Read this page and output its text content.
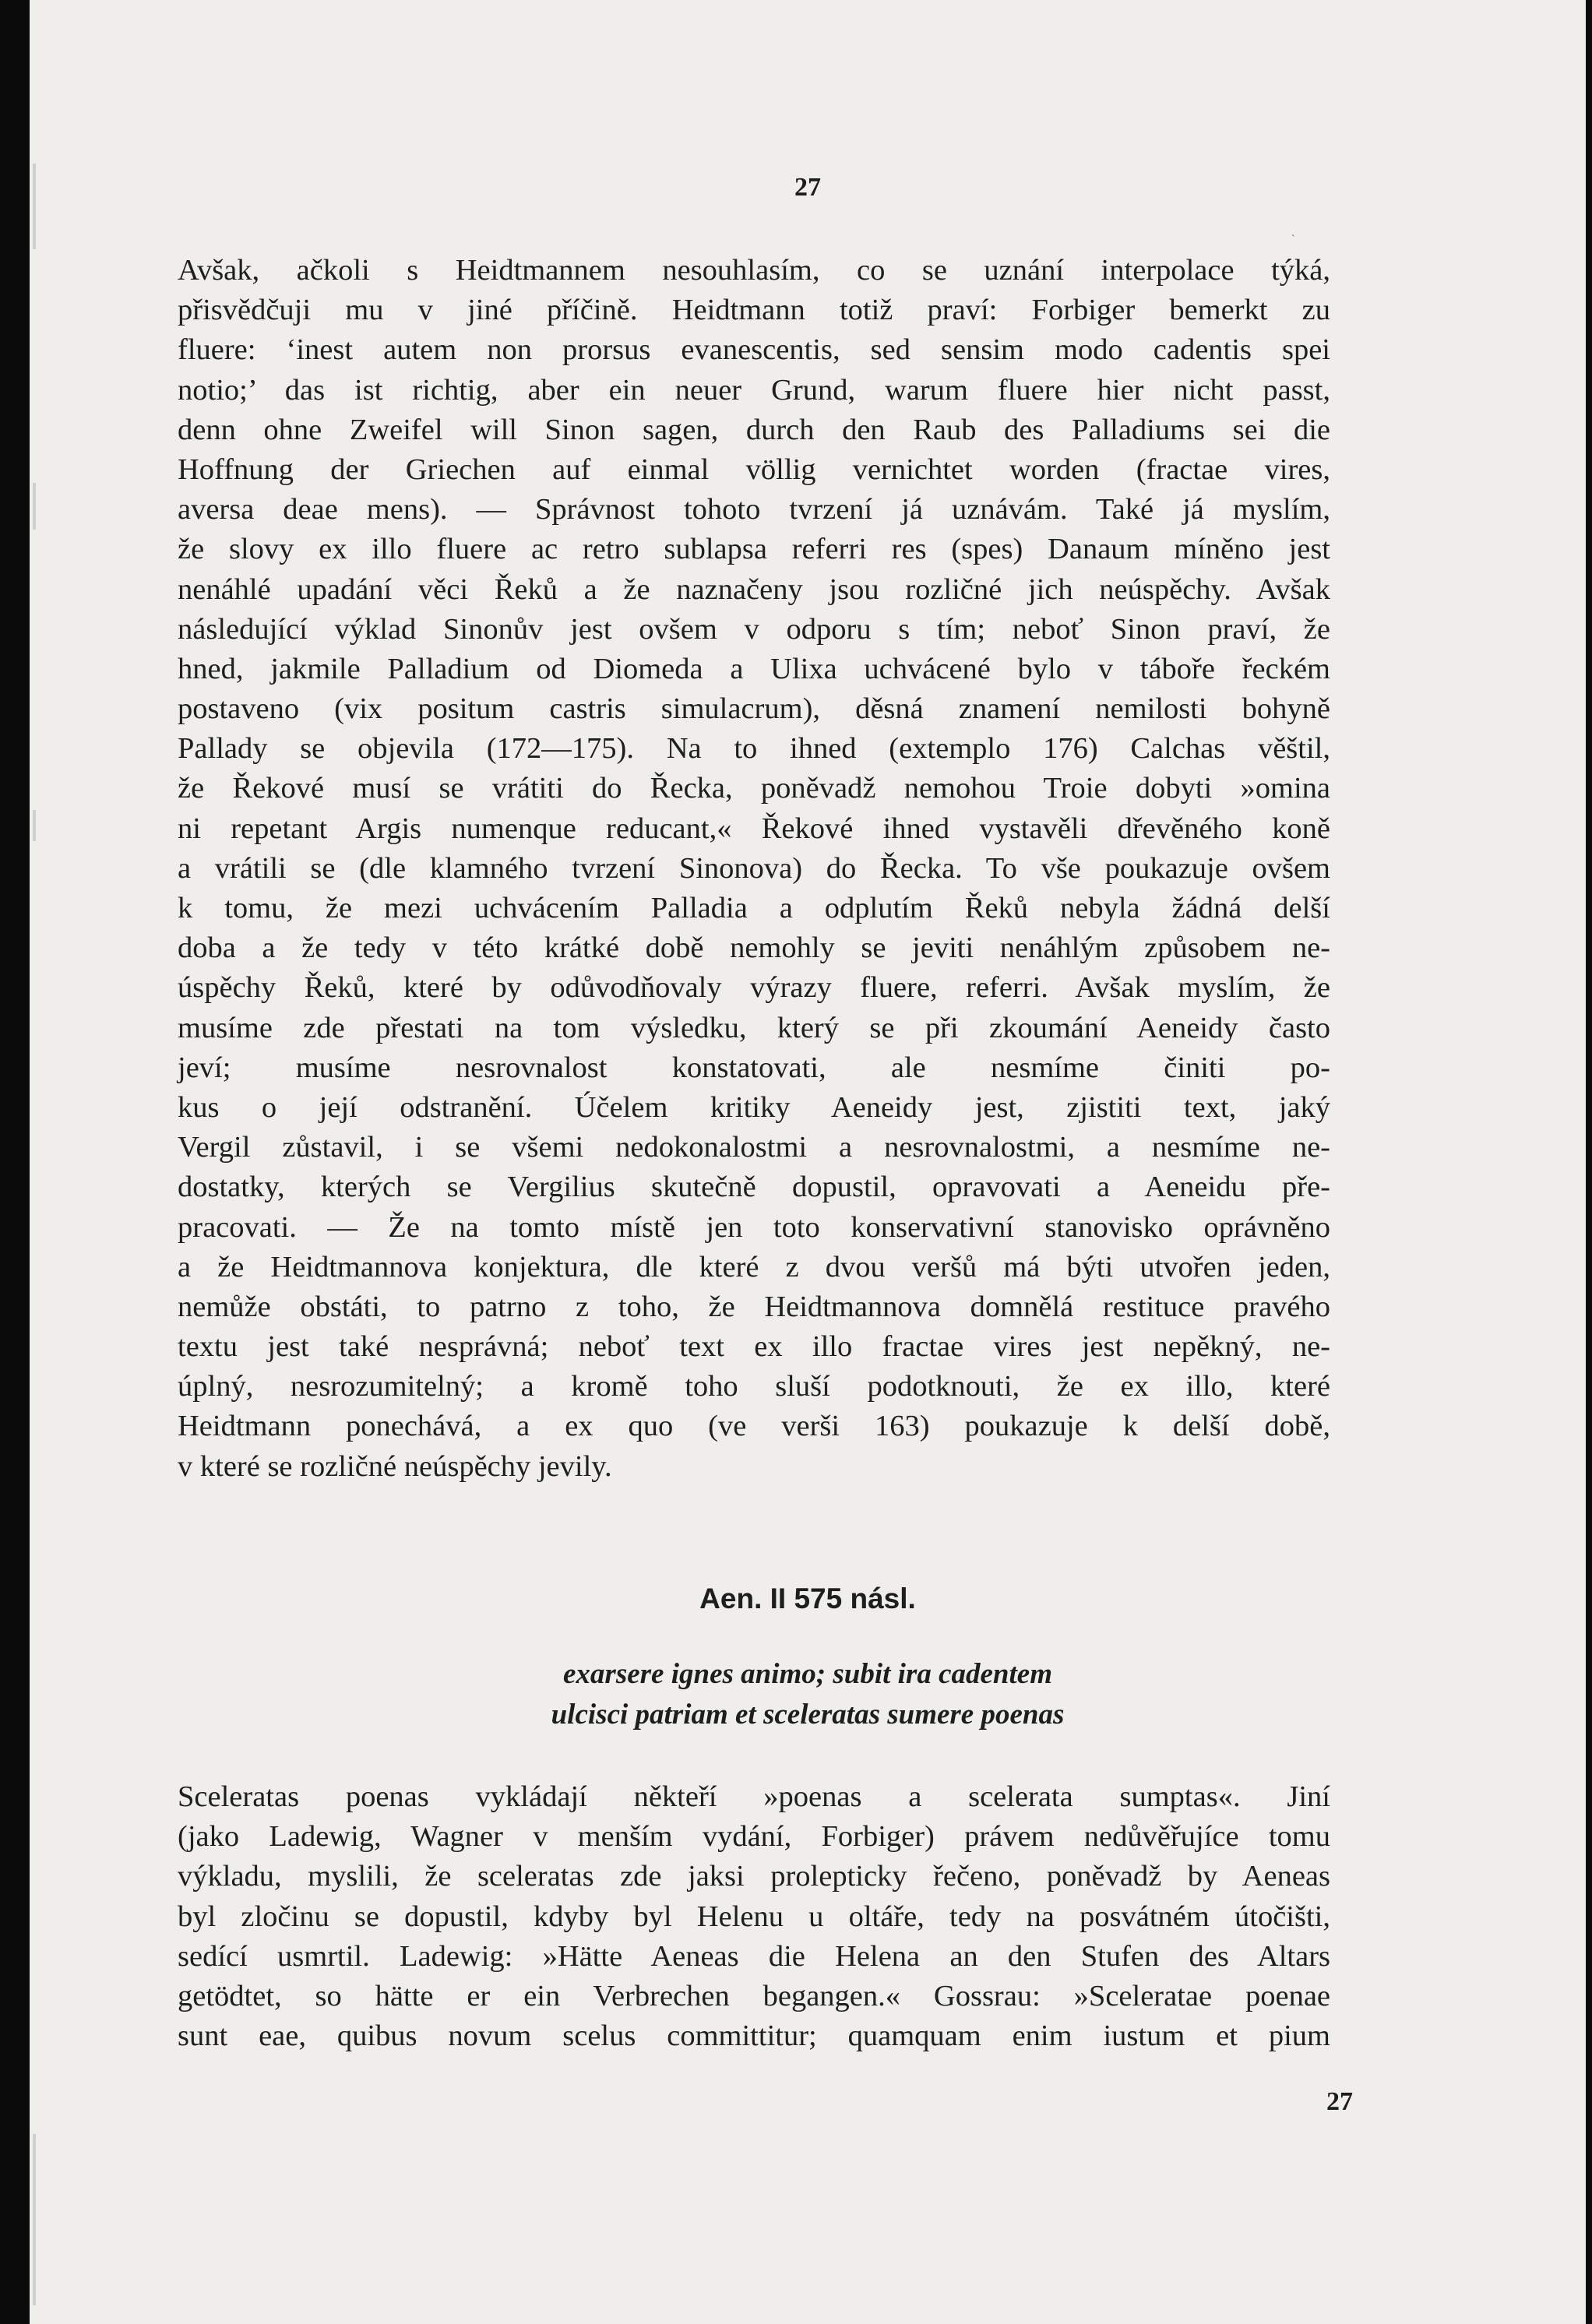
27
ˋ

Avšak, ačkoli s Heidtmannem nesouhlasím, co se uznání interpolace týká,
přisvědčuji mu v jiné příčině. Heidtmann totiž praví: Forbiger bemerkt zu
fluere: ‘inest autem non prorsus evanescentis, sed sensim modo cadentis spei
notio;’ das ist richtig, aber ein neuer Grund, warum fluere hier nicht passt,
denn ohne Zweifel will Sinon sagen, durch den Raub des Palladiums sei die
Hoffnung der Griechen auf einmal völlig vernichtet worden (fractae vires,
aversa deae mens). — Správnost tohoto tvrzení já uznávám. Také já myslím,
že slovy ex illo fluere ac retro sublapsa referri res (spes) Danaum míněno jest
nenáhlé upadání věci Řeků a že naznačeny jsou rozličné jich neúspěchy. Avšak
následující výklad Sinonův jest ovšem v odporu s tím; neboť Sinon praví, že
hned, jakmile Palladium od Diomeda a Ulixa uchvácené bylo v táboře řeckém
postaveno (vix positum castris simulacrum), děsná znamení nemilosti bohyně
Pallady se objevila (172—175). Na to ihned (extemplo 176) Calchas věštil,
že Řekové musí se vrátiti do Řecka, poněvadž nemohou Troie dobyti »omina
ni repetant Argis numenque reducant,« Řekové ihned vystavěli dřevěného koně
a vrátili se (dle klamného tvrzení Sinonova) do Řecka. To vše poukazuje ovšem
k tomu, že mezi uchvácením Palladia a odplutím Řeků nebyla žádná delší
doba a že tedy v této krátké době nemohly se jeviti nenáhlým způsobem ne-
úspěchy Řeků, které by odůvodňovaly výrazy fluere, referri. Avšak myslím, že
musíme zde přestati na tom výsledku, který se při zkoumání Aeneidy často
jeví; musíme nesrovnalost konstatovati, ale nesmíme činiti po-
kus o její odstranění. Účelem kritiky Aeneidy jest, zjistiti text, jaký
Vergil zůstavil, i se všemi nedokonalostmi a nesrovnalostmi, a nesmíme ne-
dostatky, kterých se Vergilius skutečně dopustil, opravovati a Aeneidu pře-
pracovati. — Že na tomto místě jen toto konservativní stanovisko oprávněno
a že Heidtmannova konjektura, dle které z dvou veršů má býti utvořen jeden,
nemůže obstáti, to patrno z toho, že Heidtmannova domnělá restituce pravého
textu jest také nesprávná; neboť text ex illo fractae vires jest nepěkný, ne-
úplný, nesrozumitelný; a kromě toho sluší podotknouti, že ex illo, které
Heidtmann ponechává, a ex quo (ve verši 163) poukazuje k delší době,
v které se rozličné neúspěchy jevily.

Aen. II 575 násl.
exarsere ignes animo; subit ira cadentem
ulcisci patriam et sceleratas sumere poenas

Sceleratas poenas vykládají někteří »poenas a scelerata sumptas«. Jiní
(jako Ladewig, Wagner v menším vydání, Forbiger) právem nedůvěřujíce tomu
výkladu, myslili, že sceleratas zde jaksi prolepticky řečeno, poněvadž by Aeneas
byl zločinu se dopustil, kdyby byl Helenu u oltáře, tedy na posvátném útočišti,
sedící usmrtil. Ladewig: »Hätte Aeneas die Helena an den Stufen des Altars
getödtet, so hätte er ein Verbrechen begangen.« Gossrau: »Sceleratae poenae
sunt eae, quibus novum scelus committitur; quamquam enim iustum et pium

27
